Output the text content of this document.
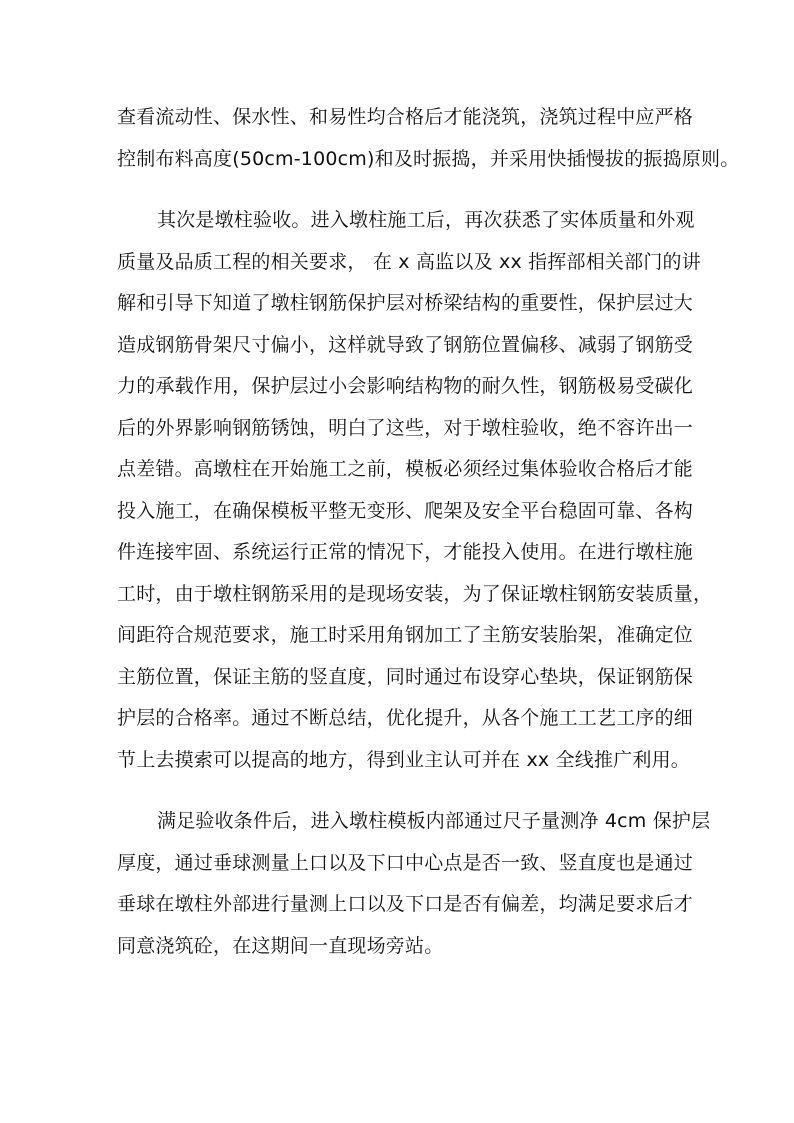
查看流动性、保水性、和易性均合格后才能浇筑，浇筑过程中应严格

控制布料高度(50cm-100cm)和及时振捣，并采用快插慢拔的振捣原则。

其次是墩柱验收。进入墩柱施工后，再次获悉了实体质量和外观

质量及品质工程的相关要求， 在 x 高监以及 xx 指挥部相关部门的讲

解和引导下知道了墩柱钢筋保护层对桥梁结构的重要性，保护层过大

造成钢筋骨架尺寸偏小，这样就导致了钢筋位置偏移、减弱了钢筋受

力的承载作用，保护层过小会影响结构物的耐久性，钢筋极易受碳化

后的外界影响钢筋锈蚀，明白了这些，对于墩柱验收，绝不容许出一

点差错。高墩柱在开始施工之前，模板必须经过集体验收合格后才能

投入施工，在确保模板平整无变形、爬架及安全平台稳固可靠、各构

件连接牢固、系统运行正常的情况下，才能投入使用。在进行墩柱施

工时，由于墩柱钢筋采用的是现场安装，为了保证墩柱钢筋安装质量，

间距符合规范要求，施工时采用角钢加工了主筋安装胎架，准确定位

主筋位置，保证主筋的竖直度，同时通过布设穿心垫块，保证钢筋保

护层的合格率。通过不断总结，优化提升，从各个施工工艺工序的细

节上去摸索可以提高的地方，得到业主认可并在 xx 全线推广利用。

满足验收条件后，进入墩柱模板内部通过尺子量测净 4cm 保护层

厚度，通过垂球测量上口以及下口中心点是否一致、竖直度也是通过

垂球在墩柱外部进行量测上口以及下口是否有偏差，均满足要求后才

同意浇筑砼，在这期间一直现场旁站。
